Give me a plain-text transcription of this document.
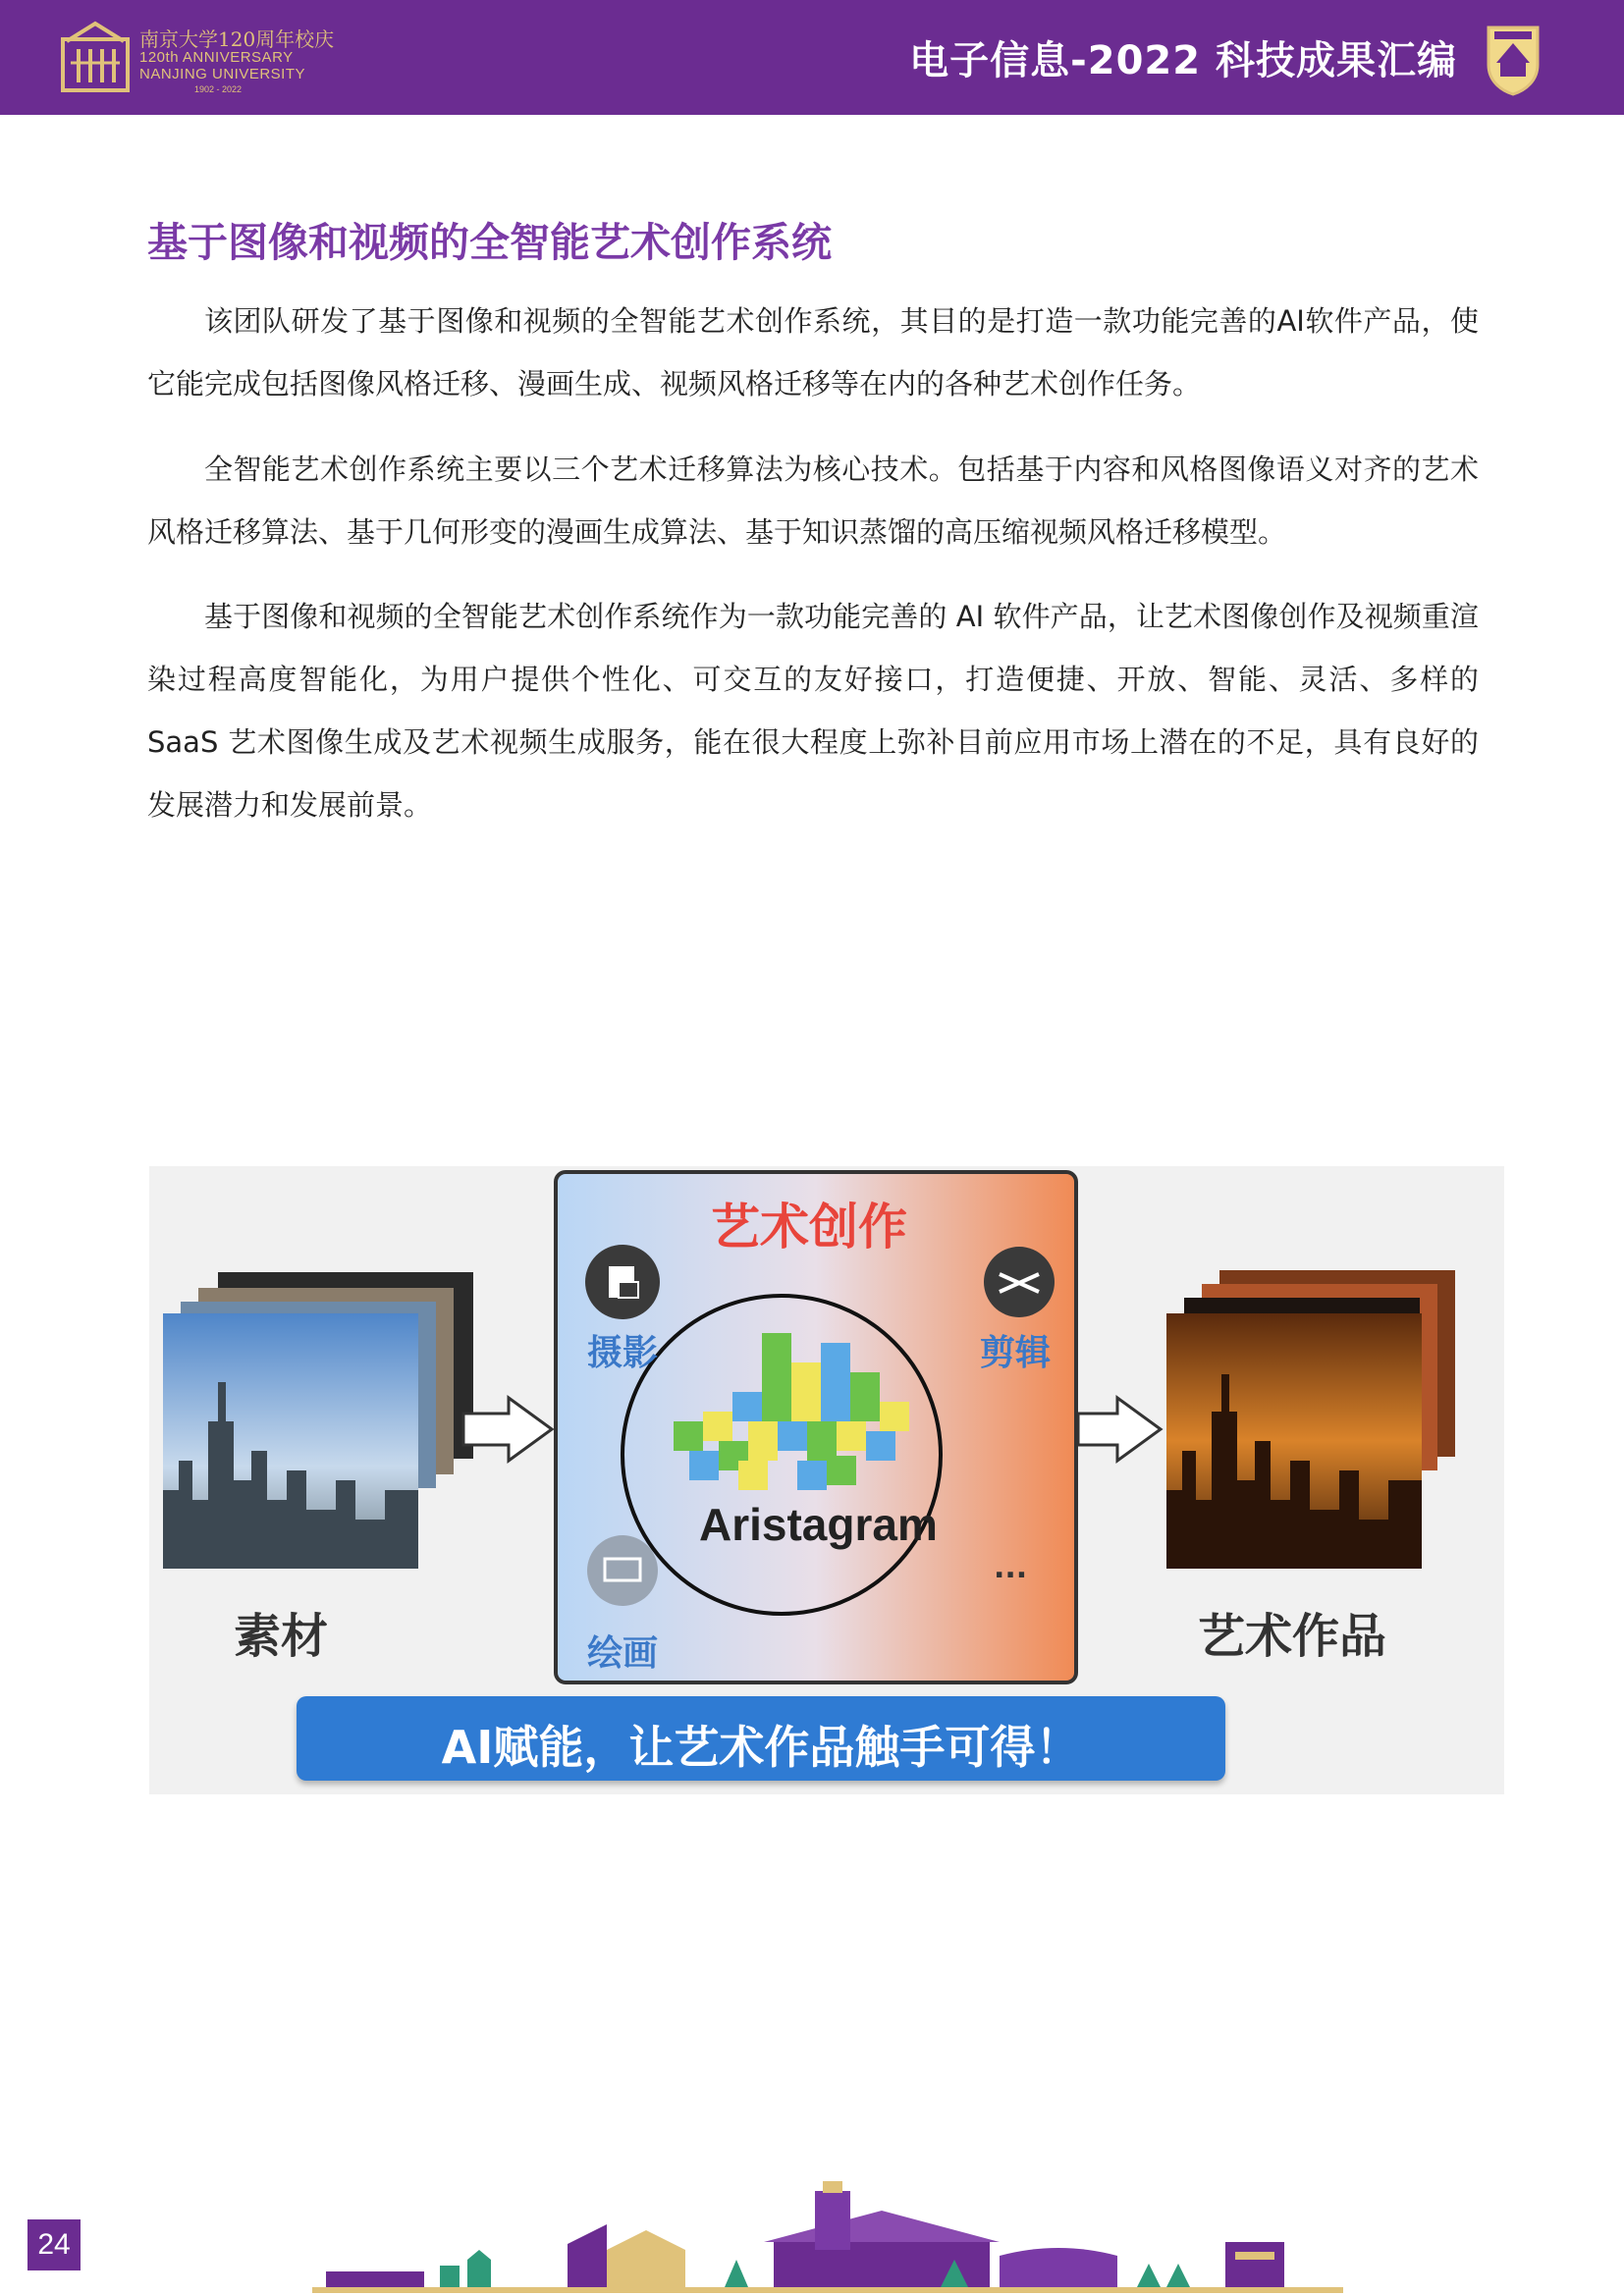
南京大学120周年校庆
120th ANNIVERSARY
NANJING UNIVERSITY
1902 - 2022
电子信息-2022 科技成果汇编
基于图像和视频的全智能艺术创作系统

该团队研发了基于图像和视频的全智能艺术创作系统，其目的是打造一款功能完善的AI软件产品，使它能完成包括图像风格迁移、漫画生成、视频风格迁移等在内的各种艺术创作任务。

全智能艺术创作系统主要以三个艺术迁移算法为核心技术。包括基于内容和风格图像语义对齐的艺术风格迁移算法、基于几何形变的漫画生成算法、基于知识蒸馏的高压缩视频风格迁移模型。

基于图像和视频的全智能艺术创作系统作为一款功能完善的 AI 软件产品，让艺术图像创作及视频重渲染过程高度智能化，为用户提供个性化、可交互的友好接口，打造便捷、开放、智能、灵活、多样的 SaaS 艺术图像生成及艺术视频生成服务，能在很大程度上弥补目前应用市场上潜在的不足，具有良好的发展潜力和发展前景。

艺术创作
素材	艺术作品
摄影	剪辑
绘画
...
Aristagram
AI赋能，让艺术作品触手可得！
24
